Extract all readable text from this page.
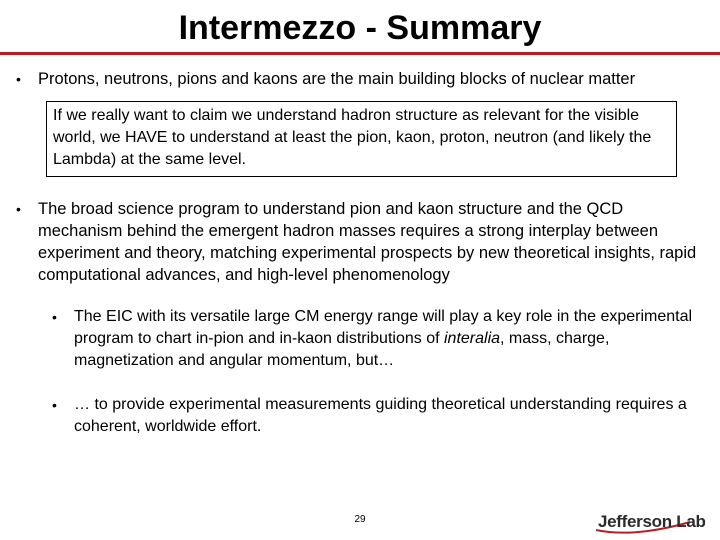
Intermezzo - Summary
• Protons, neutrons, pions and kaons are the main building blocks of nuclear matter
If we really want to claim we understand hadron structure as relevant for the visible world, we HAVE to understand at least the pion, kaon, proton, neutron (and likely the Lambda) at the same level.
• The broad science program to understand pion and kaon structure and the QCD mechanism behind the emergent hadron masses requires a strong interplay between experiment and theory, matching experimental prospects by new theoretical insights, rapid computational advances, and high-level phenomenology
• The EIC with its versatile large CM energy range will play a key role in the experimental program to chart in-pion and in-kaon distributions of interalia, mass, charge, magnetization and angular momentum, but…
• … to provide experimental measurements guiding theoretical understanding requires a coherent, worldwide effort.
29	Jefferson Lab
